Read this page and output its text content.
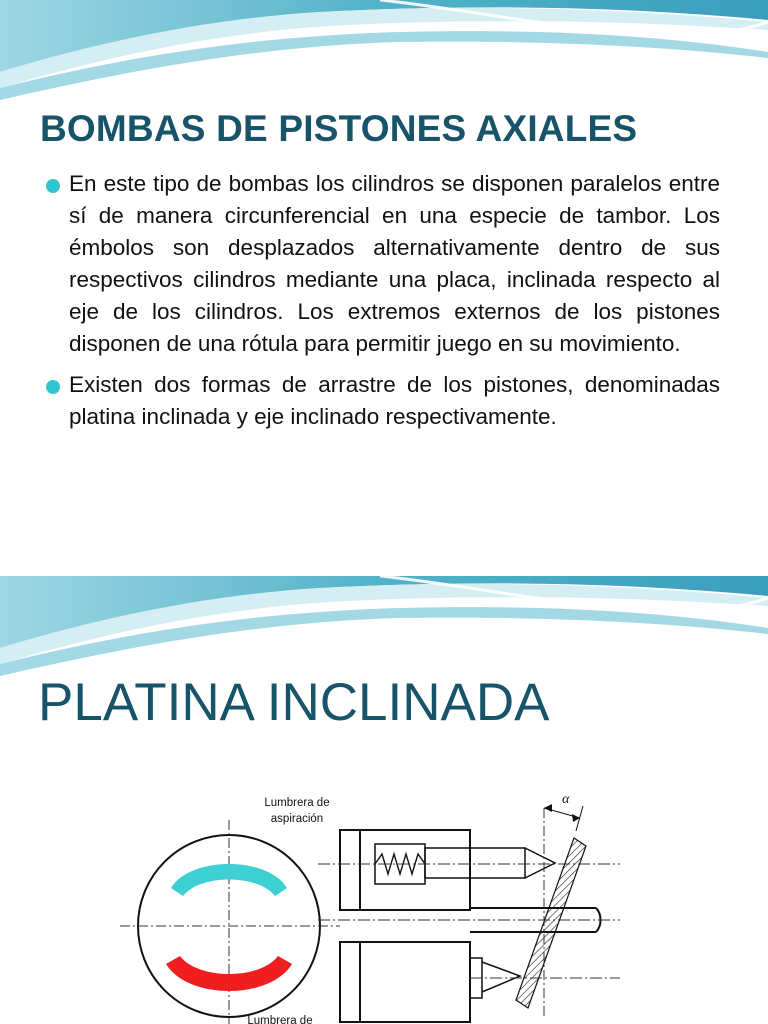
BOMBAS DE PISTONES AXIALES
En este tipo de bombas los cilindros se disponen paralelos entre sí de manera circunferencial en una especie de tambor. Los émbolos son desplazados alternativamente dentro de sus respectivos cilindros mediante una placa, inclinada respecto al eje de los cilindros. Los extremos externos de los pistones disponen de una rótula para permitir juego en su movimiento.
Existen dos formas de arrastre de los pistones, denominadas platina inclinada y eje inclinado respectivamente.
PLATINA INCLINADA
Lumbrera de
aspiración
Lumbrera de
α
